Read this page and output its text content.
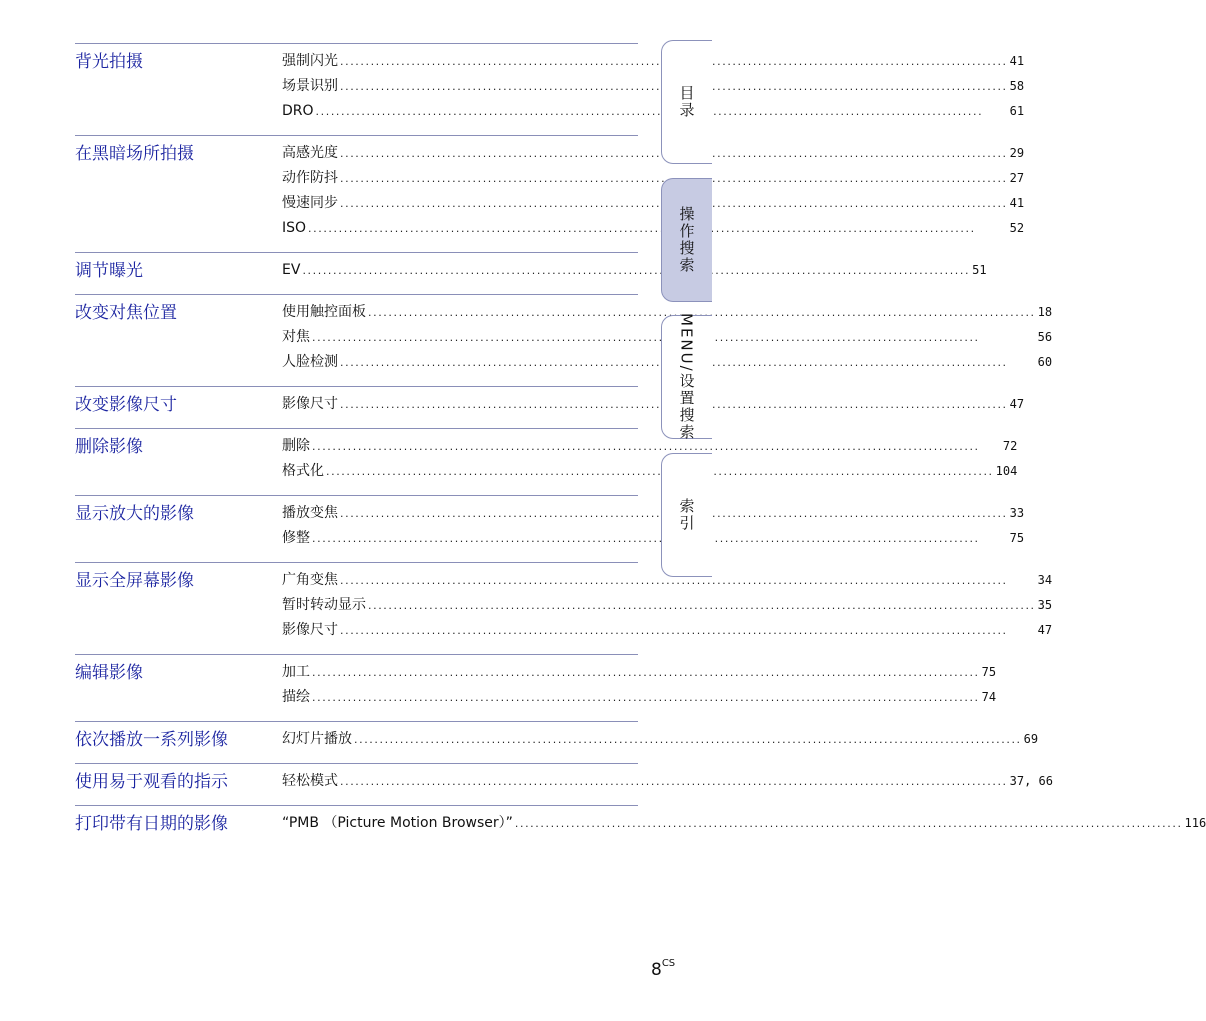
背光拍摄	强制闪光 .....	41
场景识别 .....	58
DRO .....	61
在黑暗场所拍摄	高感光度 .....	29
动作防抖 .....	27
慢速同步 .....	41
ISO .....	52
调节曝光	EV .....	51
改变对焦位置	使用触控面板 .....	18
对焦 .....	56
人脸检测 .....	60
改变影像尺寸	影像尺寸 .....	47
删除影像	删除 .....	72
格式化 .....	104
显示放大的影像	播放变焦 .....	33
修整 .....	75
显示全屏幕影像	广角变焦 .....	34
暂时转动显示 .....	35
影像尺寸 .....	47
编辑影像	加工 .....	75
描绘 .....	74
依次播放一系列影像	幻灯片播放 .....	69
使用易于观看的指示	轻松模式 .....	37, 66
打印带有日期的影像	“PMB （Picture Motion Browser）” .....	116
目录
操作搜索
MENU/设置搜索
索引
$8^{CS}$
